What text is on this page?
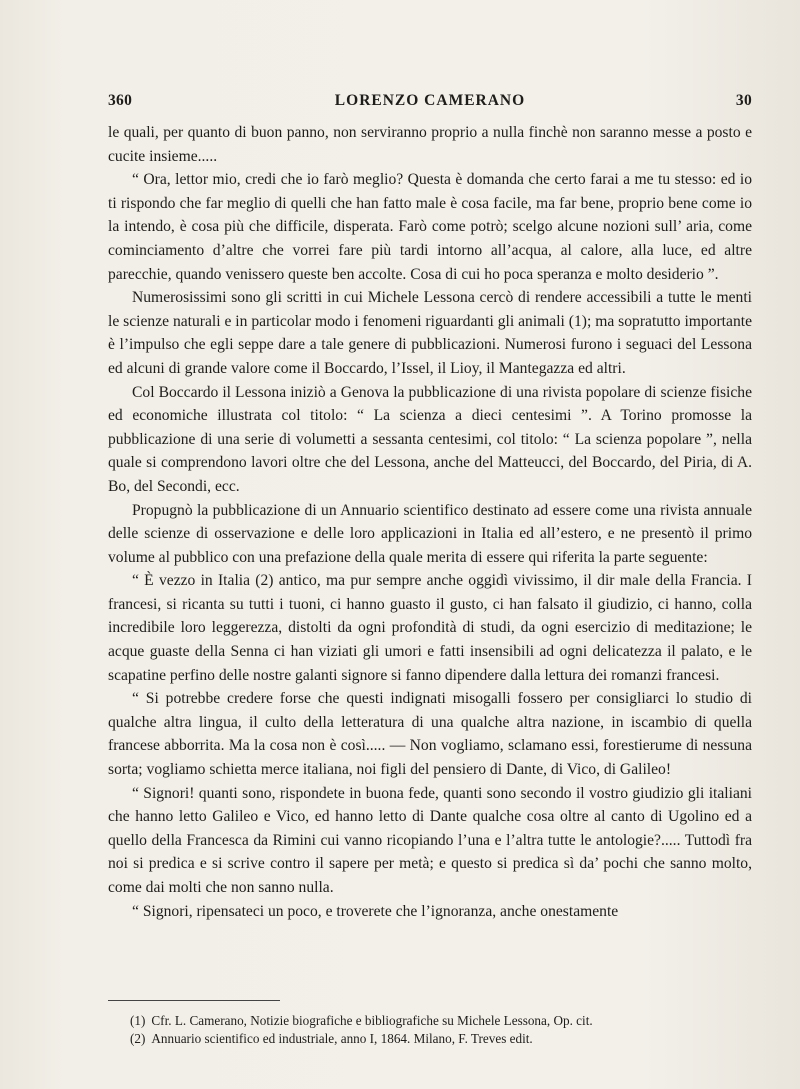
360	LORENZO CAMERANO	30

le quali, per quanto di buon panno, non serviranno proprio a nulla finchè non saranno messe a posto e cucite insieme.....

“ Ora, lettor mio, credi che io farò meglio? Questa è domanda che certo farai a me tu stesso: ed io ti rispondo che far meglio di quelli che han fatto male è cosa facile, ma far bene, proprio bene come io la intendo, è cosa più che difficile, disperata. Farò come potrò; scelgo alcune nozioni sull’ aria, come cominciamento d’altre che vorrei fare più tardi intorno all’acqua, al calore, alla luce, ed altre parecchie, quando venissero queste ben accolte. Cosa di cui ho poca speranza e molto desiderio ”.

Numerosissimi sono gli scritti in cui Michele Lessona cercò di rendere accessibili a tutte le menti le scienze naturali e in particolar modo i fenomeni riguardanti gli animali (1); ma sopratutto importante è l’impulso che egli seppe dare a tale genere di pubblicazioni. Numerosi furono i seguaci del Lessona ed alcuni di grande valore come il Boccardo, l’Issel, il Lioy, il Mantegazza ed altri.

Col Boccardo il Lessona iniziò a Genova la pubblicazione di una rivista popolare di scienze fisiche ed economiche illustrata col titolo: “ La scienza a dieci centesimi ”. A Torino promosse la pubblicazione di una serie di volumetti a sessanta centesimi, col titolo: “ La scienza popolare ”, nella quale si comprendono lavori oltre che del Lessona, anche del Matteucci, del Boccardo, del Piria, di A. Bo, del Secondi, ecc.

Propugnò la pubblicazione di un Annuario scientifico destinato ad essere come una rivista annuale delle scienze di osservazione e delle loro applicazioni in Italia ed all’estero, e ne presentò il primo volume al pubblico con una prefazione della quale merita di essere qui riferita la parte seguente:

“ È vezzo in Italia (2) antico, ma pur sempre anche oggidì vivissimo, il dir male della Francia. I francesi, si ricanta su tutti i tuoni, ci hanno guasto il gusto, ci han falsato il giudizio, ci hanno, colla incredibile loro leggerezza, distolti da ogni profondità di studi, da ogni esercizio di meditazione; le acque guaste della Senna ci han viziati gli umori e fatti insensibili ad ogni delicatezza il palato, e le scapatine perfino delle nostre galanti signore si fanno dipendere dalla lettura dei romanzi francesi.

“ Si potrebbe credere forse che questi indignati misogalli fossero per consigliarci lo studio di qualche altra lingua, il culto della letteratura di una qualche altra nazione, in iscambio di quella francese abborrita. Ma la cosa non è così..... — Non vogliamo, sclamano essi, forestierume di nessuna sorta; vogliamo schietta merce italiana, noi figli del pensiero di Dante, di Vico, di Galileo!

“ Signori! quanti sono, rispondete in buona fede, quanti sono secondo il vostro giudizio gli italiani che hanno letto Galileo e Vico, ed hanno letto di Dante qualche cosa oltre al canto di Ugolino ed a quello della Francesca da Rimini cui vanno ricopiando l’una e l’altra tutte le antologie?..... Tuttodì fra noi si predica e si scrive contro il sapere per metà; e questo si predica sì da’ pochi che sanno molto, come dai molti che non sanno nulla.

“ Signori, ripensateci un poco, e troverete che l’ignoranza, anche onestamente

(1) Cfr. L. Camerano, Notizie biografiche e bibliografiche su Michele Lessona, Op. cit.
(2) Annuario scientifico ed industriale, anno I, 1864. Milano, F. Treves edit.
